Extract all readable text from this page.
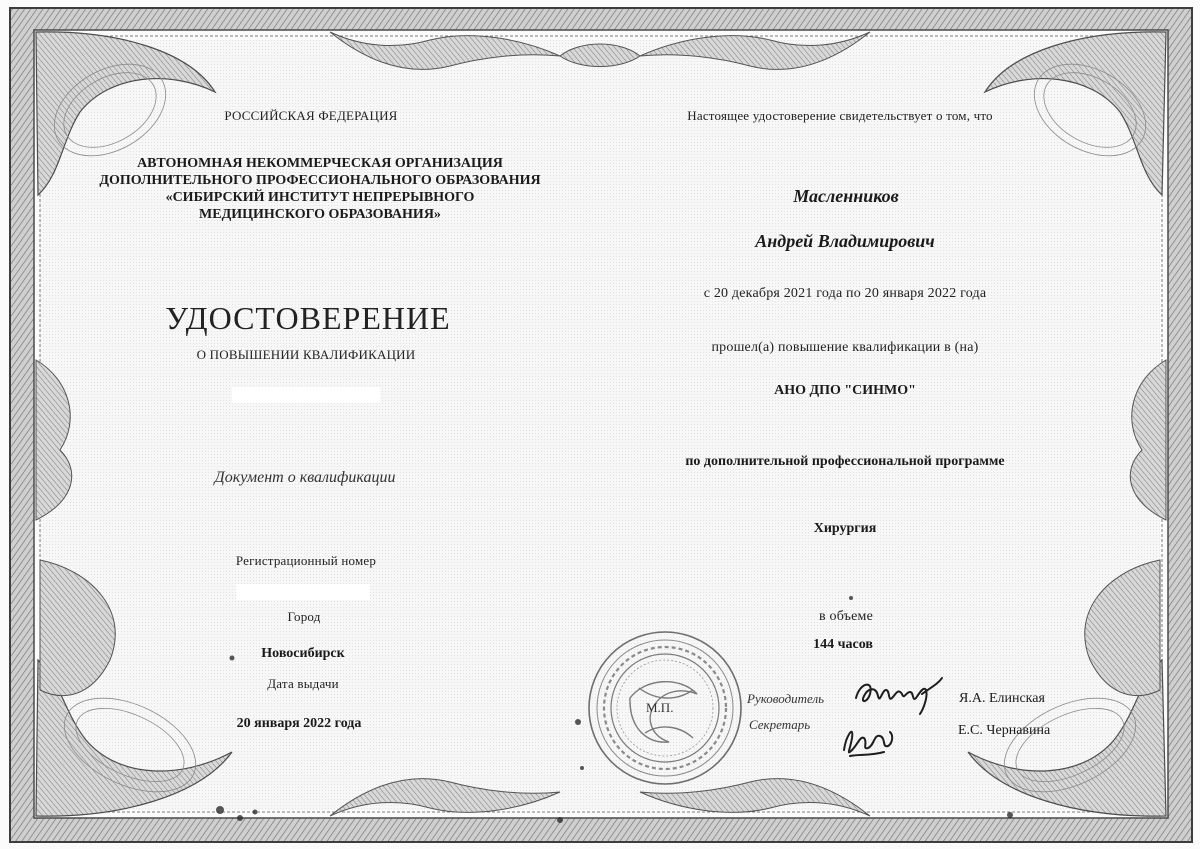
РОССИЙСКАЯ ФЕДЕРАЦИЯ
АВТОНОМНАЯ НЕКОММЕРЧЕСКАЯ ОРГАНИЗАЦИЯ
ДОПОЛНИТЕЛЬНОГО ПРОФЕССИОНАЛЬНОГО ОБРАЗОВАНИЯ
«СИБИРСКИЙ ИНСТИТУТ НЕПРЕРЫВНОГО
МЕДИЦИНСКОГО ОБРАЗОВАНИЯ»
УДОСТОВЕРЕНИЕ
О ПОВЫШЕНИИ КВАЛИФИКАЦИИ
Документ о квалификации
Регистрационный номер
Город
Новосибирск
Дата выдачи
20 января 2022 года
Настоящее удостоверение свидетельствует о том, что
Масленников
Андрей Владимирович
с 20 декабря 2021 года по 20 января 2022 года
прошел(а) повышение квалификации в (на)
АНО ДПО "СИНМО"
по дополнительной профессиональной программе
Хирургия
в объеме
144 часов
М.П.
Руководитель	Я.А. Елинская
Секретарь	Е.С. Чернавина
